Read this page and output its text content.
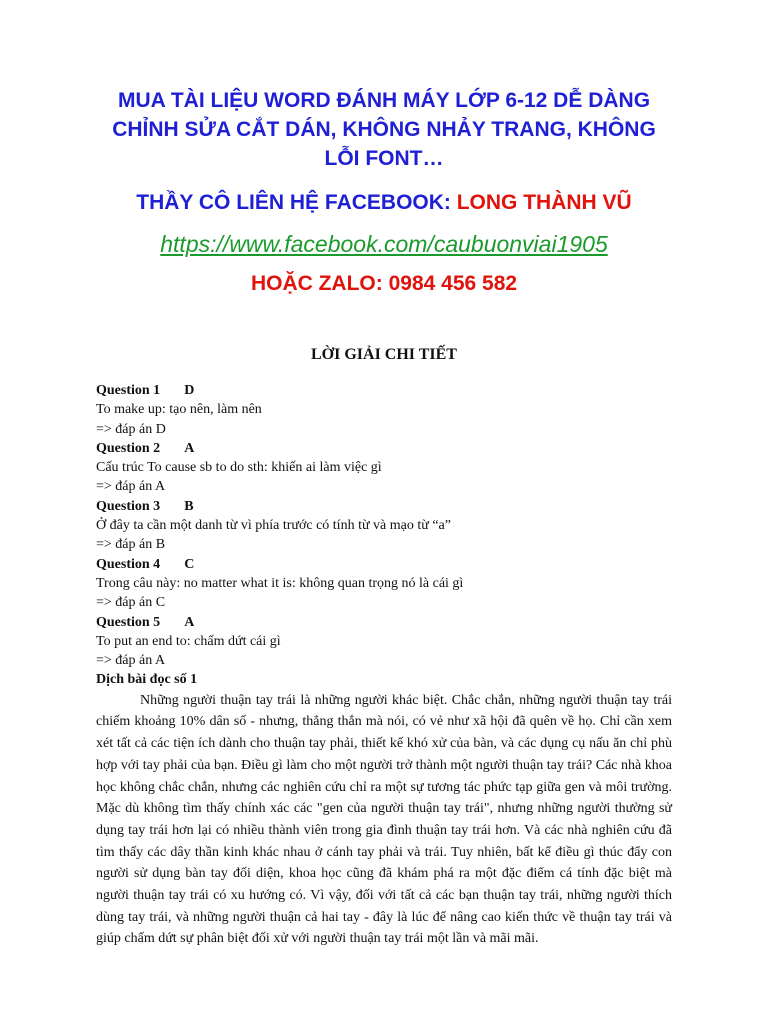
MUA TÀI LIỆU WORD ĐÁNH MÁY LỚP 6-12 DỄ DÀNG
CHỈNH SỬA CẮT DÁN, KHÔNG NHẢY TRANG, KHÔNG
LỖI FONT…
THẦY CÔ LIÊN HỆ FACEBOOK: LONG THÀNH VŨ
https://www.facebook.com/caubuonviai1905
HOẶC ZALO: 0984 456 582
LỜI GIẢI CHI TIẾT

Question 1 D

To make up: tạo nên, làm nên

=> đáp án D

Question 2 A

Cấu trúc To cause sb to do sth: khiến ai làm việc gì

=> đáp án A

Question 3 B

Ở đây ta cần một danh từ vì phía trước có tính từ và mạo từ “a”

=> đáp án B

Question 4 C

Trong câu này: no matter what it is: không quan trọng nó là cái gì

=> đáp án C

Question 5 A

To put an end to: chấm dứt cái gì

=> đáp án A

Dịch bài đọc số 1

Những người thuận tay trái là những người khác biệt. Chắc chắn, những người thuận tay trái chiếm khoảng 10% dân số - nhưng, thẳng thắn mà nói, có vẻ như xã hội đã quên về họ. Chỉ cần xem xét tất cả các tiện ích dành cho thuận tay phải, thiết kế khó xử của bàn, và các dụng cụ nấu ăn chỉ phù hợp với tay phải của bạn. Điều gì làm cho một người trở thành một người thuận tay trái? Các nhà khoa học không chắc chắn, nhưng các nghiên cứu chỉ ra một sự tương tác phức tạp giữa gen và môi trường. Mặc dù không tìm thấy chính xác các "gen của người thuận tay trái", nhưng những người thường sử dụng tay trái hơn lại có nhiều thành viên trong gia đình thuận tay trái hơn. Và các nhà nghiên cứu đã tìm thấy các dây thần kinh khác nhau ở cánh tay phải và trái. Tuy nhiên, bất kể điều gì thúc đẩy con người sử dụng bàn tay đối diện, khoa học cũng đã khám phá ra một đặc điểm cá tính đặc biệt mà người thuận tay trái có xu hướng có. Vì vậy, đối với tất cả các bạn thuận tay trái, những người thích dùng tay trái, và những người thuận cả hai tay - đây là lúc để nâng cao kiến thức về thuận tay trái và giúp chấm dứt sự phân biệt đối xử với người thuận tay trái một lần và mãi mãi.
